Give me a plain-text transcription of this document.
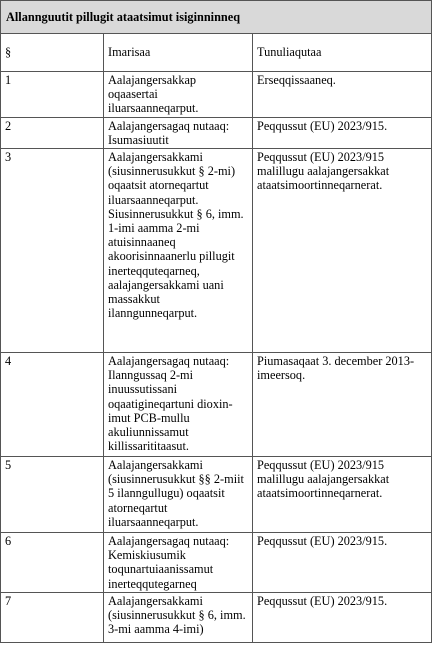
Allannguutit pillugit ataatsimut isiginninneq		
§	Imarisaa	Tunuliaqutaa
1	Aalajangersakkap oqaasertai iluarsaanneqarput.	Erseqqissaaneq.
2	Aalajangersagaq nutaaq: Isumasiuutit	Peqqussut (EU) 2023/915.
3	Aalajangersakkami (siusinnerusukkut § 2-mi) oqaatsit atorneqartut iluarsaanneqarput. Siusinnerusukkut § 6, imm. 1-imi aamma 2-mi atuisinnaaneq akoorisinnaanerlu pillugit inerteqquteqarneq, aalajangersakkami uani massakkut ilanngunneqarput.	Peqqussut (EU) 2023/915 malillugu aalajangersakkat ataatsimoortinneqarnerat.
4	Aalajangersagaq nutaaq: Ilanngussaq 2-mi inuussutissani oqaatigineqartuni dioxin-imut PCB-mullu akuliunnissamut killissarititaasut.	Piumasaqaat 3. december 2013-imeersoq.
5	Aalajangersakkami (siusinnerusukkut §§ 2-miit 5 ilanngullugu) oqaatsit atorneqartut iluarsaanneqarput.	Peqqussut (EU) 2023/915 malillugu aalajangersakkat ataatsimoortinneqarnerat.
6	Aalajangersagaq nutaaq: Kemiskiusumik toqunartuiaanissamut inerteqqutegarneq	Peqqussut (EU) 2023/915.
7	Aalajangersakkami (siusinnerusukkut § 6, imm. 3-mi aamma 4-imi)	Peqqussut (EU) 2023/915.
